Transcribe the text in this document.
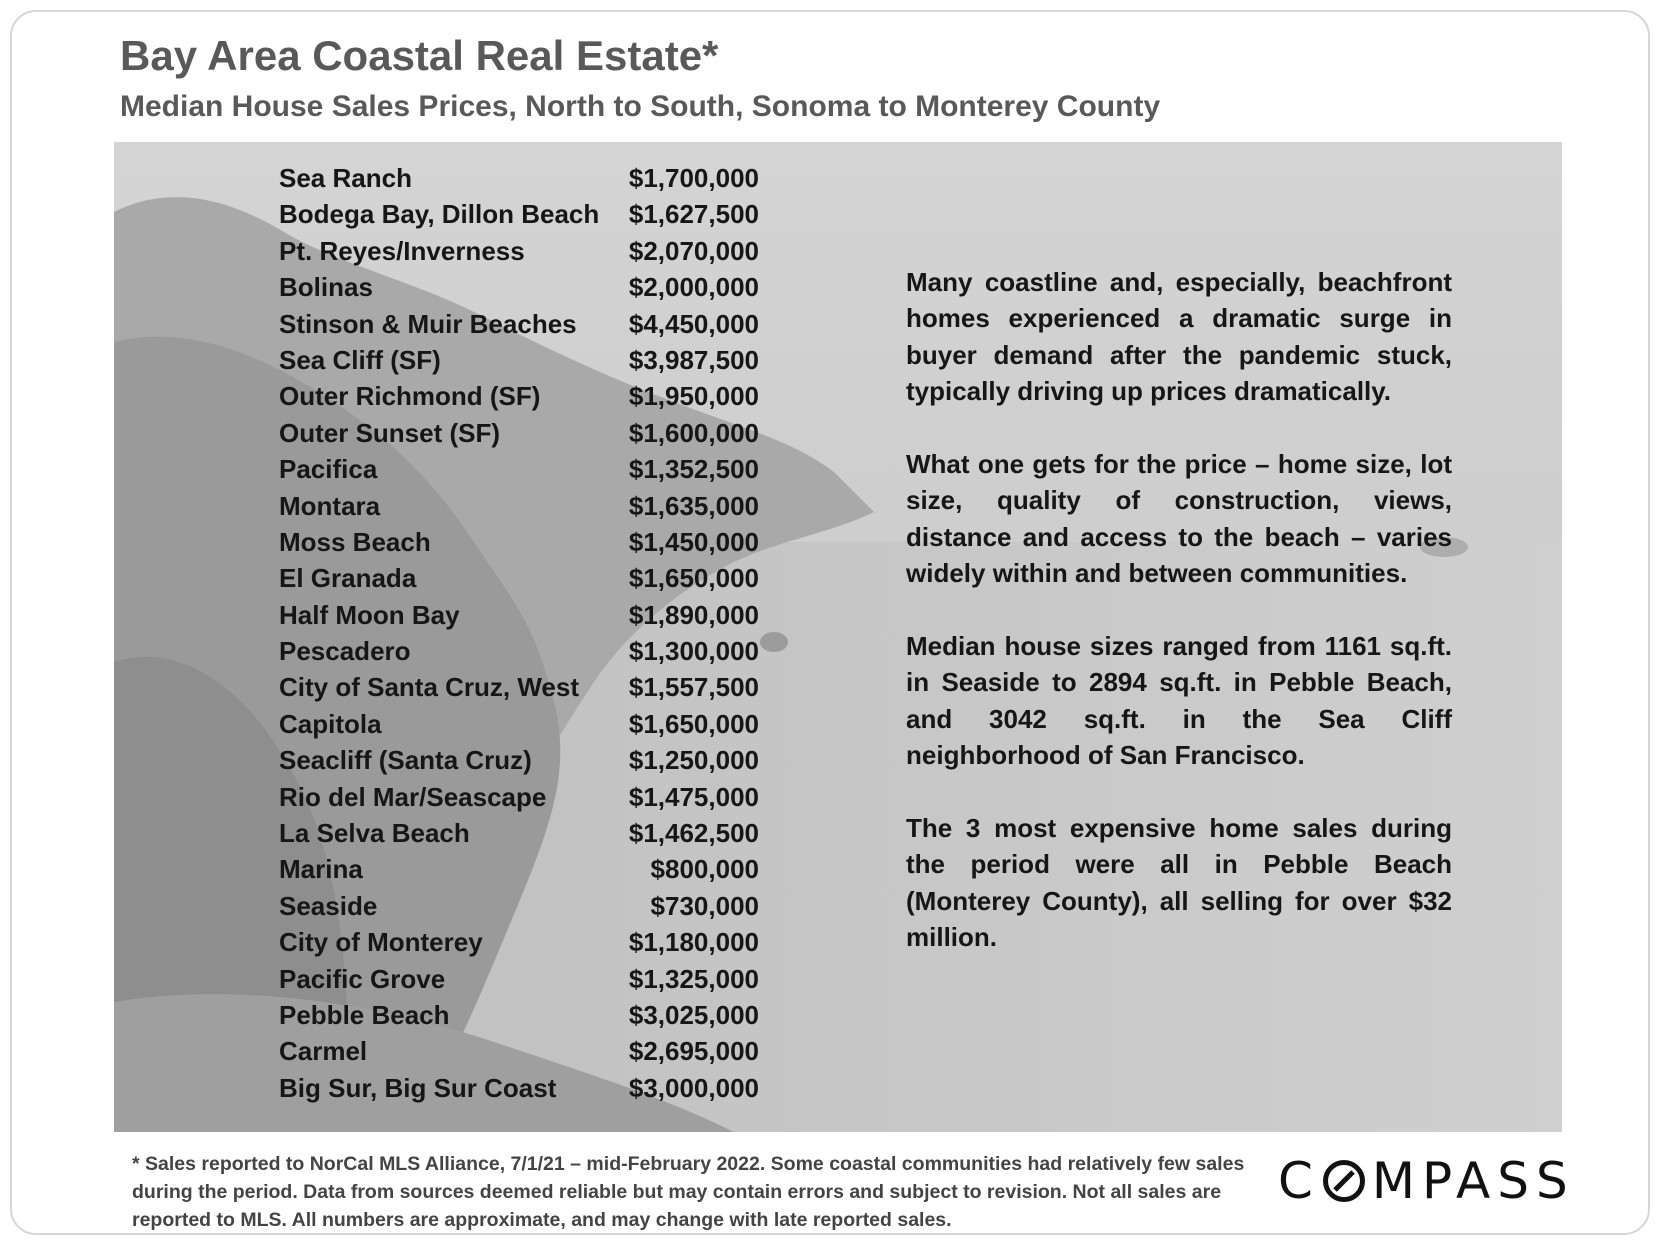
Bay Area Coastal Real Estate*
Median House Sales Prices, North to South, Sonoma to Monterey County
Sea Ranch	$1,700,000
Bodega Bay, Dillon Beach	$1,627,500
Pt. Reyes/Inverness	$2,070,000
Bolinas	$2,000,000
Stinson & Muir Beaches	$4,450,000
Sea Cliff (SF)	$3,987,500
Outer Richmond (SF)	$1,950,000
Outer Sunset (SF)	$1,600,000
Pacifica	$1,352,500
Montara	$1,635,000
Moss Beach	$1,450,000
El Granada	$1,650,000
Half Moon Bay	$1,890,000
Pescadero	$1,300,000
City of Santa Cruz, West	$1,557,500
Capitola	$1,650,000
Seacliff (Santa Cruz)	$1,250,000
Rio del Mar/Seascape	$1,475,000
La Selva Beach	$1,462,500
Marina	$800,000
Seaside	$730,000
City of Monterey	$1,180,000
Pacific Grove	$1,325,000
Pebble Beach	$3,025,000
Carmel	$2,695,000
Big Sur, Big Sur Coast	$3,000,000

Many coastline and, especially, beachfront homes experienced a dramatic surge in buyer demand after the pandemic stuck, typically driving up prices dramatically.

What one gets for the price – home size, lot size, quality of construction, views, distance and access to the beach – varies widely within and between communities.

Median house sizes ranged from 1161 sq.ft. in Seaside to 2894 sq.ft. in Pebble Beach, and 3042 sq.ft. in the Sea Cliff neighborhood of San Francisco.

The 3 most expensive home sales during the period were all in Pebble Beach (Monterey County), all selling for over $32 million.

* Sales reported to NorCal MLS Alliance, 7/1/21 – mid-February 2022. Some coastal communities had relatively few sales during the period. Data from sources deemed reliable but may contain errors and subject to revision. Not all sales are reported to MLS. All numbers are approximate, and may change with late reported sales.
C MPASS
